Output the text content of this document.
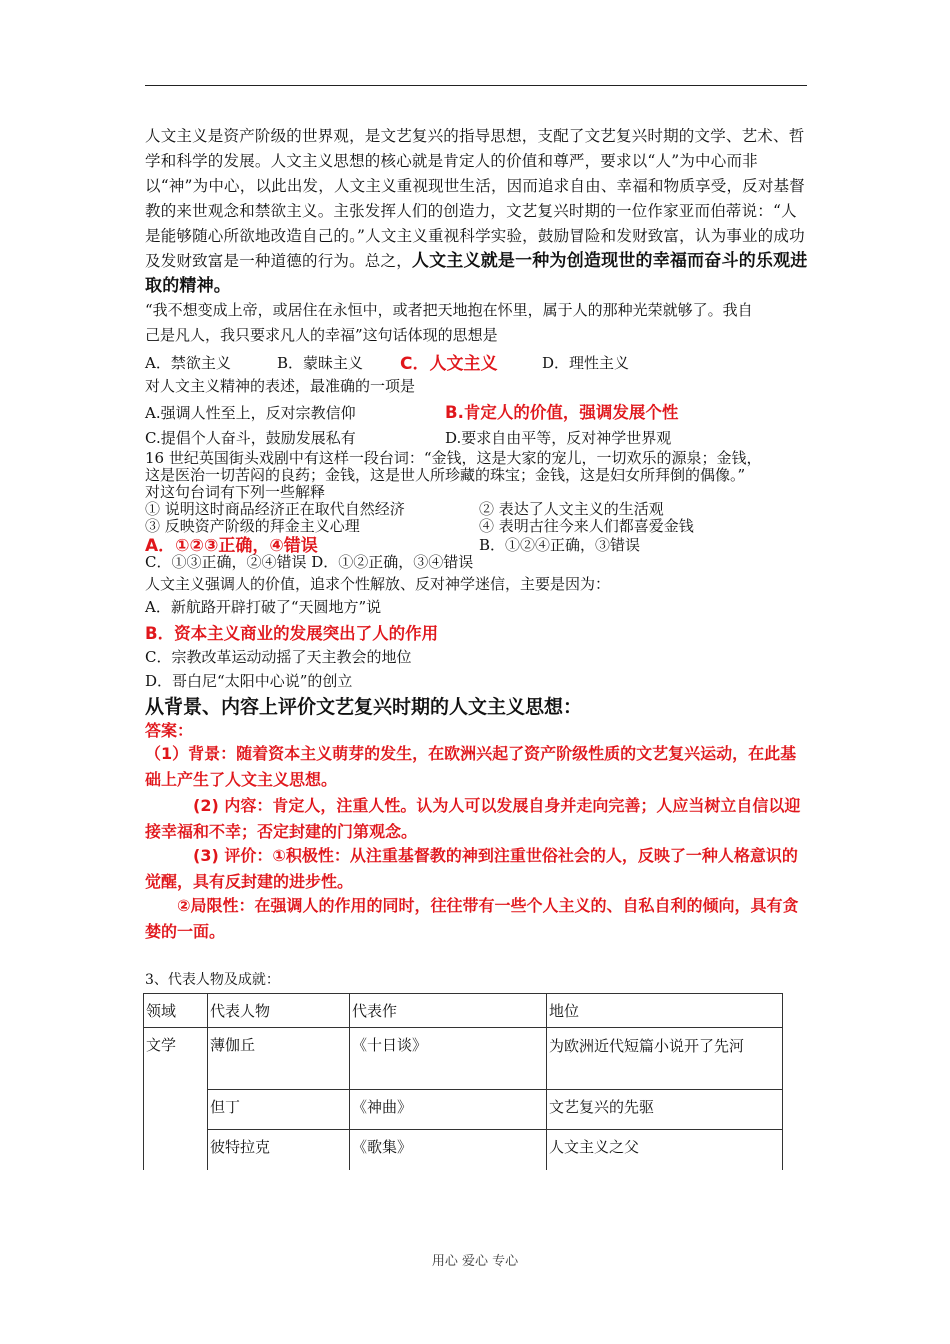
人文主义是资产阶级的世界观，是文艺复兴的指导思想，支配了文艺复兴时期的文学、艺术、哲学和科学的发展。人文主义思想的核心就是肯定人的价值和尊严，要求以“人”为中心而非以“神”为中心，以此出发，人文主义重视现世生活，因而追求自由、幸福和物质享受，反对基督教的来世观念和禁欲主义。主张发挥人们的创造力，文艺复兴时期的一位作家亚而伯蒂说：“人是能够随心所欲地改造自己的。”人文主义重视科学实验，鼓励冒险和发财致富，认为事业的成功及发财致富是一种道德的行为。总之，人文主义就是一种为创造现世的幸福而奋斗的乐观进取的精神。

“我不想变成上帝，或居住在永恒中，或者把天地抱在怀里，属于人的那种光荣就够了。我自
己是凡人，我只要求凡人的幸福”这句话体现的思想是
A．禁欲主义	B．蒙昧主义 C．人文主义	D．理性主义
对人文主义精神的表述，最准确的一项是
A.强调人性至上，反对宗教信仰	B.肯定人的价值，强调发展个性
C.提倡个人奋斗，鼓励发展私有	D.要求自由平等，反对神学世界观
16 世纪英国街头戏剧中有这样一段台词：“金钱，这是大家的宠儿，一切欢乐的源泉；金钱，
这是医治一切苦闷的良药；金钱，这是世人所珍藏的珠宝；金钱，这是妇女所拜倒的偶像。”
对这句台词有下列一些解释
① 说明这时商品经济正在取代自然经济	② 表达了人文主义的生活观
③ 反映资产阶级的拜金主义心理	④ 表明古往今来人们都喜爱金钱
A．①②③正确，④错误	B．①②④正确，③错误
C．①③正确，②④错误 D．①②正确，③④错误
人文主义强调人的价值，追求个性解放、反对神学迷信，主要是因为：
A．新航路开辟打破了“天圆地方”说
B．资本主义商业的发展突出了人的作用
C．宗教改革运动动摇了天主教会的地位
D．哥白尼“太阳中心说”的创立
从背景、内容上评价文艺复兴时期的人文主义思想：
答案：
（1）背景：随着资本主义萌芽的发生，在欧洲兴起了资产阶级性质的文艺复兴运动，在此基础上产生了人文主义思想。
(2) 内容：肯定人，注重人性。认为人可以发展自身并走向完善；人应当树立自信以迎接幸福和不幸；否定封建的门第观念。
(3) 评价：①积极性：从注重基督教的神到注重世俗社会的人，反映了一种人格意识的觉醒，具有反封建的进步性。
②局限性：在强调人的作用的同时，往往带有一些个人主义的、自私自利的倾向，具有贪婪的一面。
3、代表人物及成就：
领域	代表人物	代表作	地位
文学	薄伽丘	《十日谈》	为欧洲近代短篇小说开了先河
	但丁	《神曲》	文艺复兴的先驱
	彼特拉克	《歌集》	人文主义之父
用心 爱心 专心
